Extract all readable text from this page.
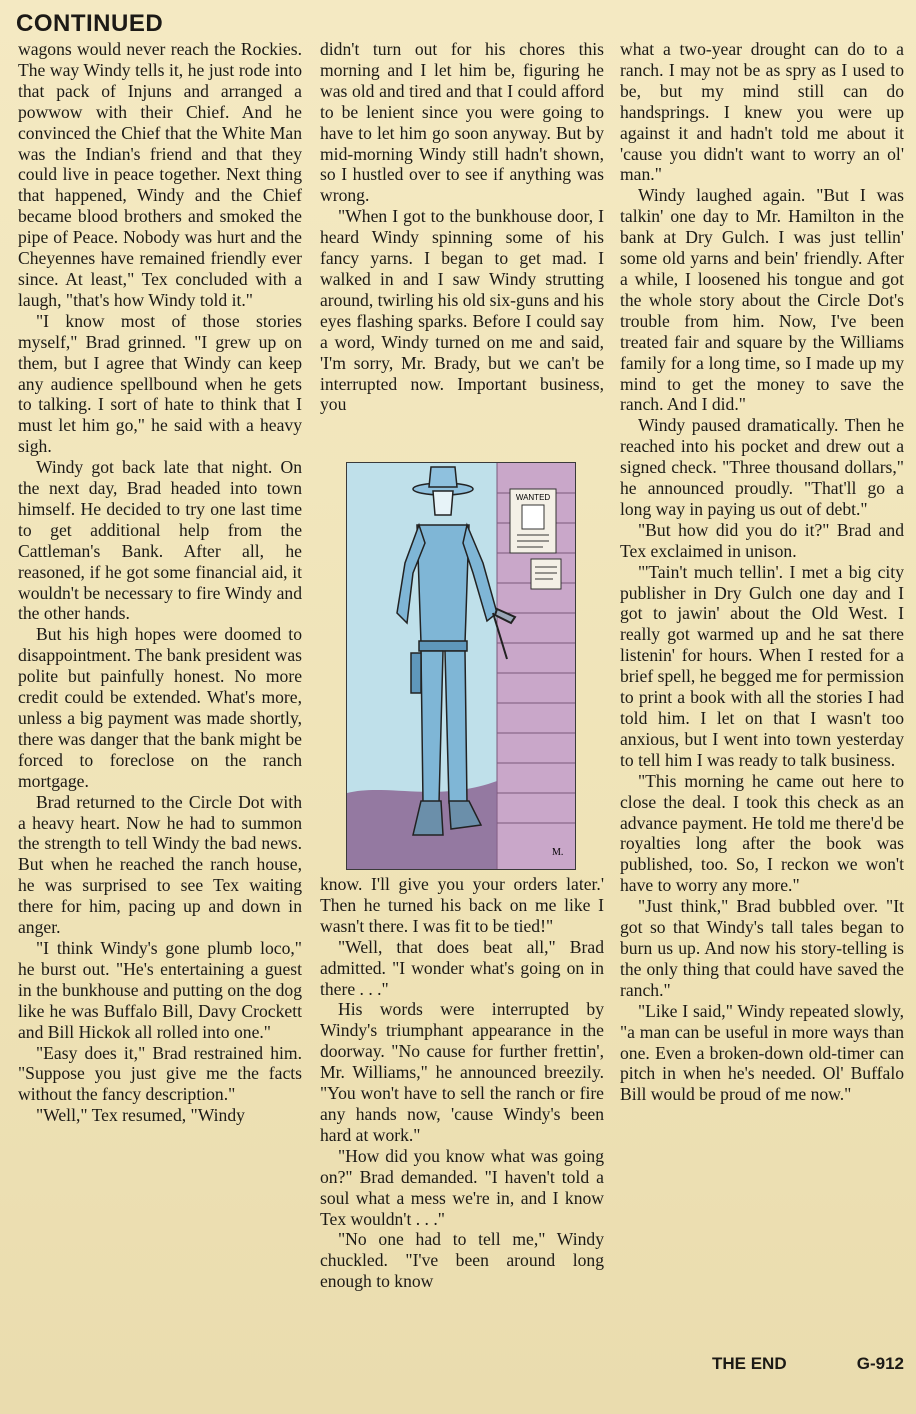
CONTINUED

wagons would never reach the Rockies. The way Windy tells it, he just rode into that pack of Injuns and arranged a powwow with their Chief. And he convinced the Chief that the White Man was the Indian's friend and that they could live in peace together. Next thing that happened, Windy and the Chief became blood brothers and smoked the pipe of Peace. Nobody was hurt and the Cheyennes have remained friendly ever since. At least," Tex concluded with a laugh, "that's how Windy told it."

"I know most of those stories myself," Brad grinned. "I grew up on them, but I agree that Windy can keep any audience spellbound when he gets to talking. I sort of hate to think that I must let him go," he said with a heavy sigh.

Windy got back late that night. On the next day, Brad headed into town himself. He decided to try one last time to get additional help from the Cattleman's Bank. After all, he reasoned, if he got some financial aid, it wouldn't be necessary to fire Windy and the other hands.

But his high hopes were doomed to disappointment. The bank president was polite but painfully honest. No more credit could be extended. What's more, unless a big payment was made shortly, there was danger that the bank might be forced to foreclose on the ranch mortgage.

Brad returned to the Circle Dot with a heavy heart. Now he had to summon the strength to tell Windy the bad news. But when he reached the ranch house, he was surprised to see Tex waiting there for him, pacing up and down in anger.

"I think Windy's gone plumb loco," he burst out. "He's entertaining a guest in the bunkhouse and putting on the dog like he was Buffalo Bill, Davy Crockett and Bill Hickok all rolled into one."

"Easy does it," Brad restrained him. "Suppose you just give me the facts without the fancy description."

"Well," Tex resumed, "Windy

didn't turn out for his chores this morning and I let him be, figuring he was old and tired and that I could afford to be lenient since you were going to have to let him go soon anyway. But by mid-morning Windy still hadn't shown, so I hustled over to see if anything was wrong.

"When I got to the bunkhouse door, I heard Windy spinning some of his fancy yarns. I began to get mad. I walked in and I saw Windy strutting around, twirling his old six-guns and his eyes flashing sparks. Before I could say a word, Windy turned on me and said, 'I'm sorry, Mr. Brady, but we can't be interrupted now. Important business, you

WANTED
M.

know. I'll give you your orders later.' Then he turned his back on me like I wasn't there. I was fit to be tied!"

"Well, that does beat all," Brad admitted. "I wonder what's going on in there . . ."

His words were interrupted by Windy's triumphant appearance in the doorway. "No cause for further frettin', Mr. Williams," he announced breezily. "You won't have to sell the ranch or fire any hands now, 'cause Windy's been hard at work."

"How did you know what was going on?" Brad demanded. "I haven't told a soul what a mess we're in, and I know Tex wouldn't . . ."

"No one had to tell me," Windy chuckled. "I've been around long enough to know

what a two-year drought can do to a ranch. I may not be as spry as I used to be, but my mind still can do handsprings. I knew you were up against it and hadn't told me about it 'cause you didn't want to worry an ol' man."

Windy laughed again. "But I was talkin' one day to Mr. Hamilton in the bank at Dry Gulch. I was just tellin' some old yarns and bein' friendly. After a while, I loosened his tongue and got the whole story about the Circle Dot's trouble from him. Now, I've been treated fair and square by the Williams family for a long time, so I made up my mind to get the money to save the ranch. And I did."

Windy paused dramatically. Then he reached into his pocket and drew out a signed check. "Three thousand dollars," he announced proudly. "That'll go a long way in paying us out of debt."

"But how did you do it?" Brad and Tex exclaimed in unison.

"'Tain't much tellin'. I met a big city publisher in Dry Gulch one day and I got to jawin' about the Old West. I really got warmed up and he sat there listenin' for hours. When I rested for a brief spell, he begged me for permission to print a book with all the stories I had told him. I let on that I wasn't too anxious, but I went into town yesterday to tell him I was ready to talk business.

"This morning he came out here to close the deal. I took this check as an advance payment. He told me there'd be royalties long after the book was published, too. So, I reckon we won't have to worry any more."

"Just think," Brad bubbled over. "It got so that Windy's tall tales began to burn us up. And now his story-telling is the only thing that could have saved the ranch."

"Like I said," Windy repeated slowly, "a man can be useful in more ways than one. Even a broken-down old-timer can pitch in when he's needed. Ol' Buffalo Bill would be proud of me now."

THE END	G-912
